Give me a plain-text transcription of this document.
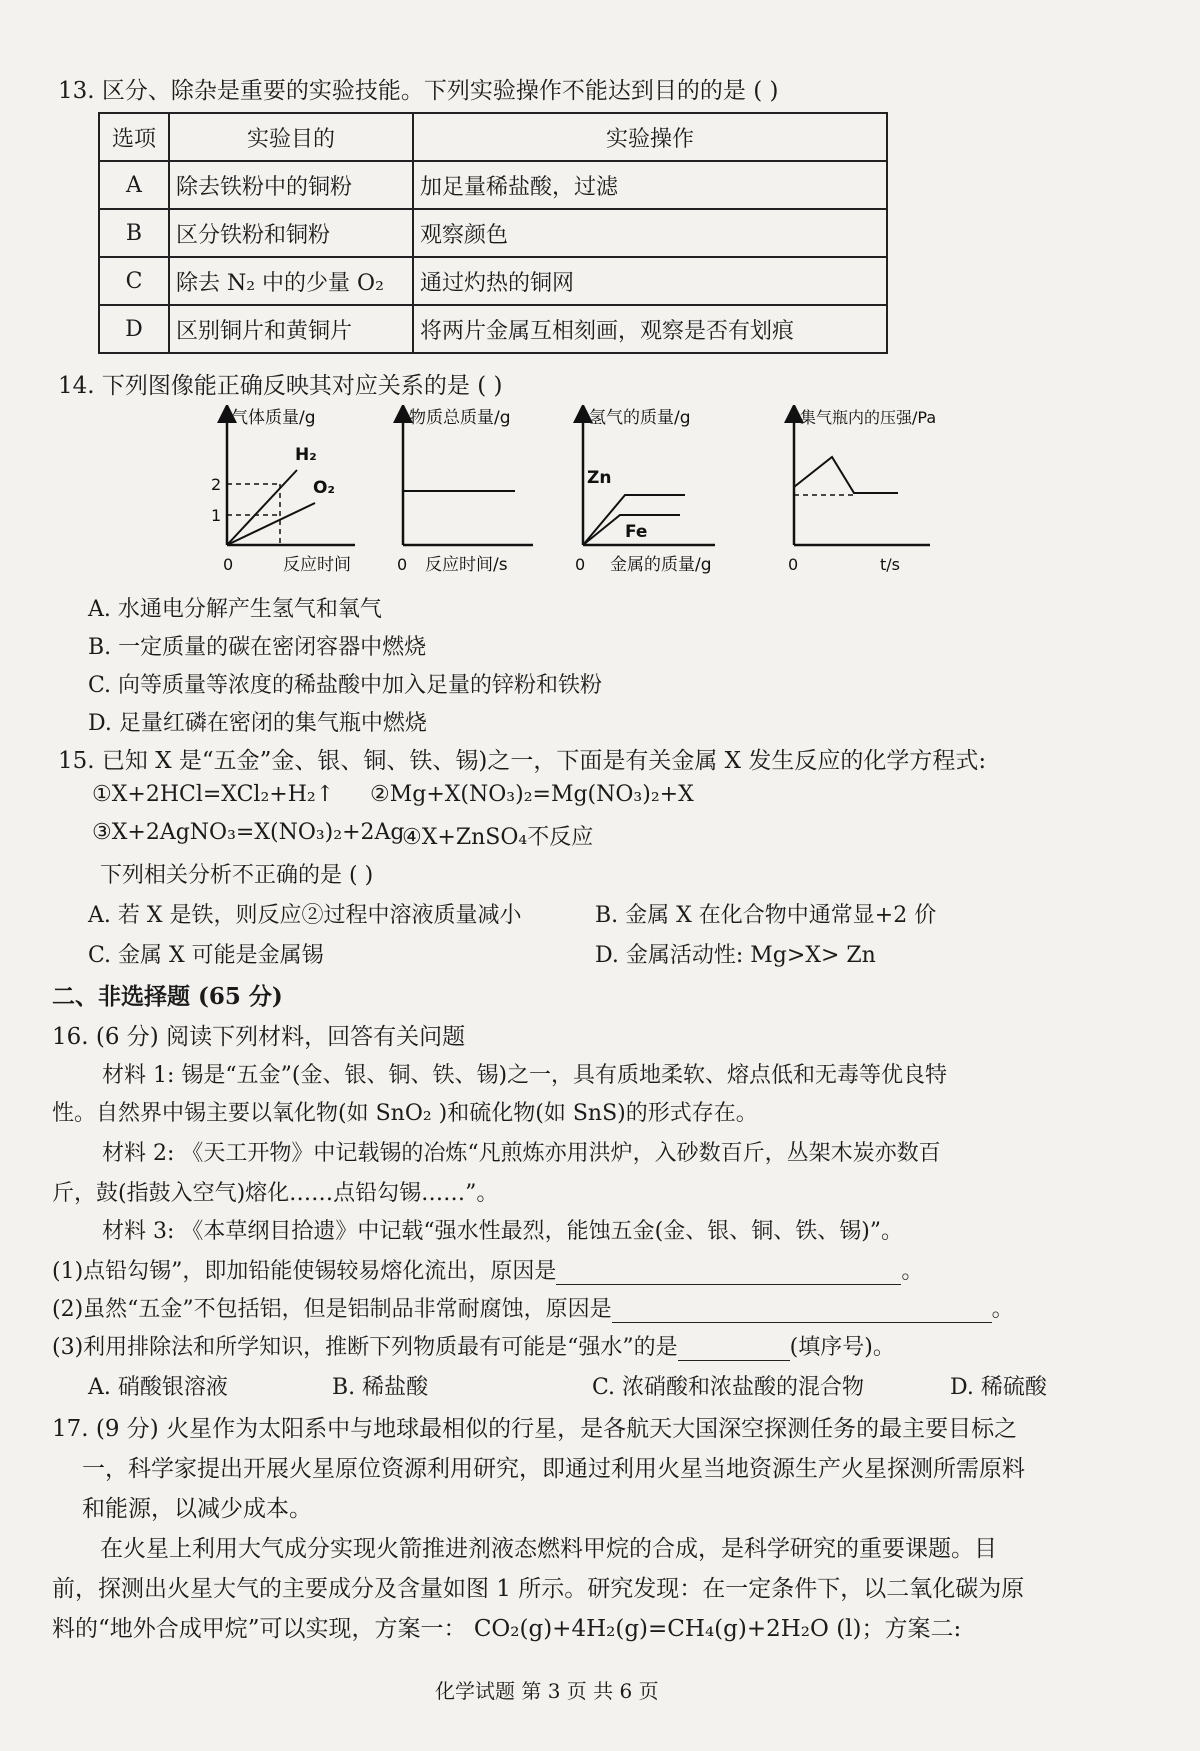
13. 区分、除杂是重要的实验技能。下列实验操作不能达到目的的是 ( )
选项	实验目的	实验操作
A	除去铁粉中的铜粉	加足量稀盐酸，过滤
B	区分铁粉和铜粉	观察颜色
C	除去 N₂ 中的少量 O₂	通过灼热的铜网
D	区别铜片和黄铜片	将两片金属互相刻画，观察是否有划痕
14. 下列图像能正确反映其对应关系的是 ( )
气体质量/g
2
1
H₂
O₂
0	反应时间
物质总质量/g
0 反应时间/s
氢气的质量/g
Zn
Fe
0 金属的质量/g
集气瓶内的压强/Pa
0	t/s
A. 水通电分解产生氢气和氧气
B. 一定质量的碳在密闭容器中燃烧
C. 向等质量等浓度的稀盐酸中加入足量的锌粉和铁粉
D. 足量红磷在密闭的集气瓶中燃烧
15. 已知 X 是“五金”金、银、铜、铁、锡)之一，下面是有关金属 X 发生反应的化学方程式:
①X+2HCl=XCl₂+H₂↑ ②Mg+X(NO₃)₂=Mg(NO₃)₂+X
③X+2AgNO₃=X(NO₃)₂+2Ag
④X+ZnSO₄不反应
下列相关分析不正确的是 ( )
A. 若 X 是铁，则反应②过程中溶液质量减小	B. 金属 X 在化合物中通常显+2 价
C. 金属 X 可能是金属锡	D. 金属活动性: Mg>X> Zn
二、非选择题 (65 分)
16. (6 分) 阅读下列材料，回答有关问题
材料 1: 锡是“五金”(金、银、铜、铁、锡)之一，具有质地柔软、熔点低和无毒等优良特
性。自然界中锡主要以氧化物(如 SnO₂ )和硫化物(如 SnS)的形式存在。
材料 2: 《天工开物》中记载锡的冶炼“凡煎炼亦用洪炉，入砂数百斤，丛架木炭亦数百
斤，鼓(指鼓入空气)熔化……点铅勾锡……”。
材料 3: 《本草纲目拾遗》中记载“强水性最烈，能蚀五金(金、银、铜、铁、锡)”。
(1)点铅勾锡”，即加铅能使锡较易熔化流出，原因是	。
(2)虽然“五金”不包括铝，但是铝制品非常耐腐蚀，原因是	。
(3)利用排除法和所学知识，推断下列物质最有可能是“强水”的是	(填序号)。
A. 硝酸银溶液	B. 稀盐酸	C. 浓硝酸和浓盐酸的混合物	D. 稀硫酸
17. (9 分) 火星作为太阳系中与地球最相似的行星，是各航天大国深空探测任务的最主要目标之
一，科学家提出开展火星原位资源利用研究，即通过利用火星当地资源生产火星探测所需原料
和能源，以减少成本。
在火星上利用大气成分实现火箭推进剂液态燃料甲烷的合成，是科学研究的重要课题。目
前，探测出火星大气的主要成分及含量如图 1 所示。研究发现：在一定条件下，以二氧化碳为原
料的“地外合成甲烷”可以实现，方案一： CO₂(g)+4H₂(g)=CH₄(g)+2H₂O (l)；方案二:
化学试题 第 3 页 共 6 页
